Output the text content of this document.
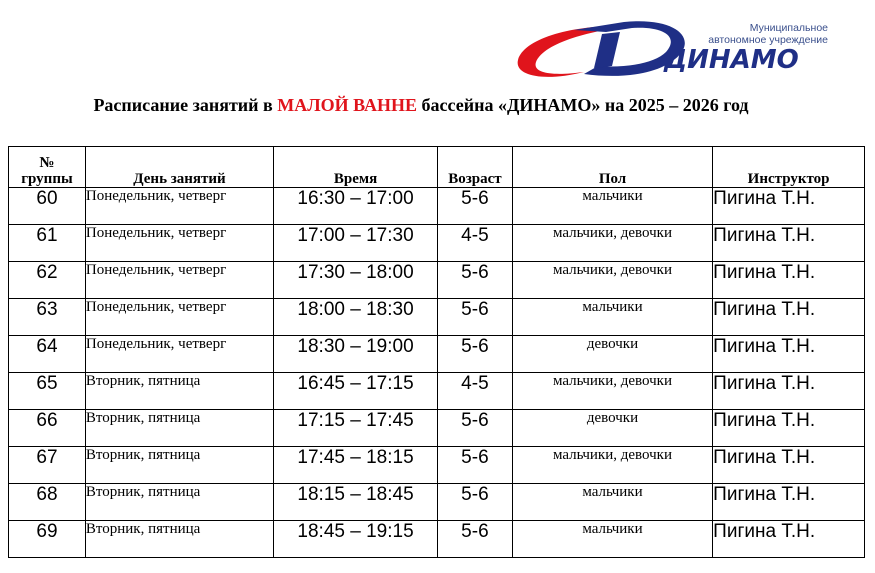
ДИНАМО
Муниципальное
автономное учреждение
Расписание занятий в МАЛОЙ ВАННЕ бассейна «ДИНАМО» на 2025 – 2026 год
№
группы	День занятий	Время	Возраст	Пол	Инструктор
60	Понедельник, четверг	16:30 – 17:00	5-6	мальчики	Пигина Т.Н.
61	Понедельник, четверг	17:00 – 17:30	4-5	мальчики, девочки	Пигина Т.Н.
62	Понедельник, четверг	17:30 – 18:00	5-6	мальчики, девочки	Пигина Т.Н.
63	Понедельник, четверг	18:00 – 18:30	5-6	мальчики	Пигина Т.Н.
64	Понедельник, четверг	18:30 – 19:00	5-6	девочки	Пигина Т.Н.
65	Вторник, пятница	16:45 – 17:15	4-5	мальчики, девочки	Пигина Т.Н.
66	Вторник, пятница	17:15 – 17:45	5-6	девочки	Пигина Т.Н.
67	Вторник, пятница	17:45 – 18:15	5-6	мальчики, девочки	Пигина Т.Н.
68	Вторник, пятница	18:15 – 18:45	5-6	мальчики	Пигина Т.Н.
69	Вторник, пятница	18:45 – 19:15	5-6	мальчики	Пигина Т.Н.
